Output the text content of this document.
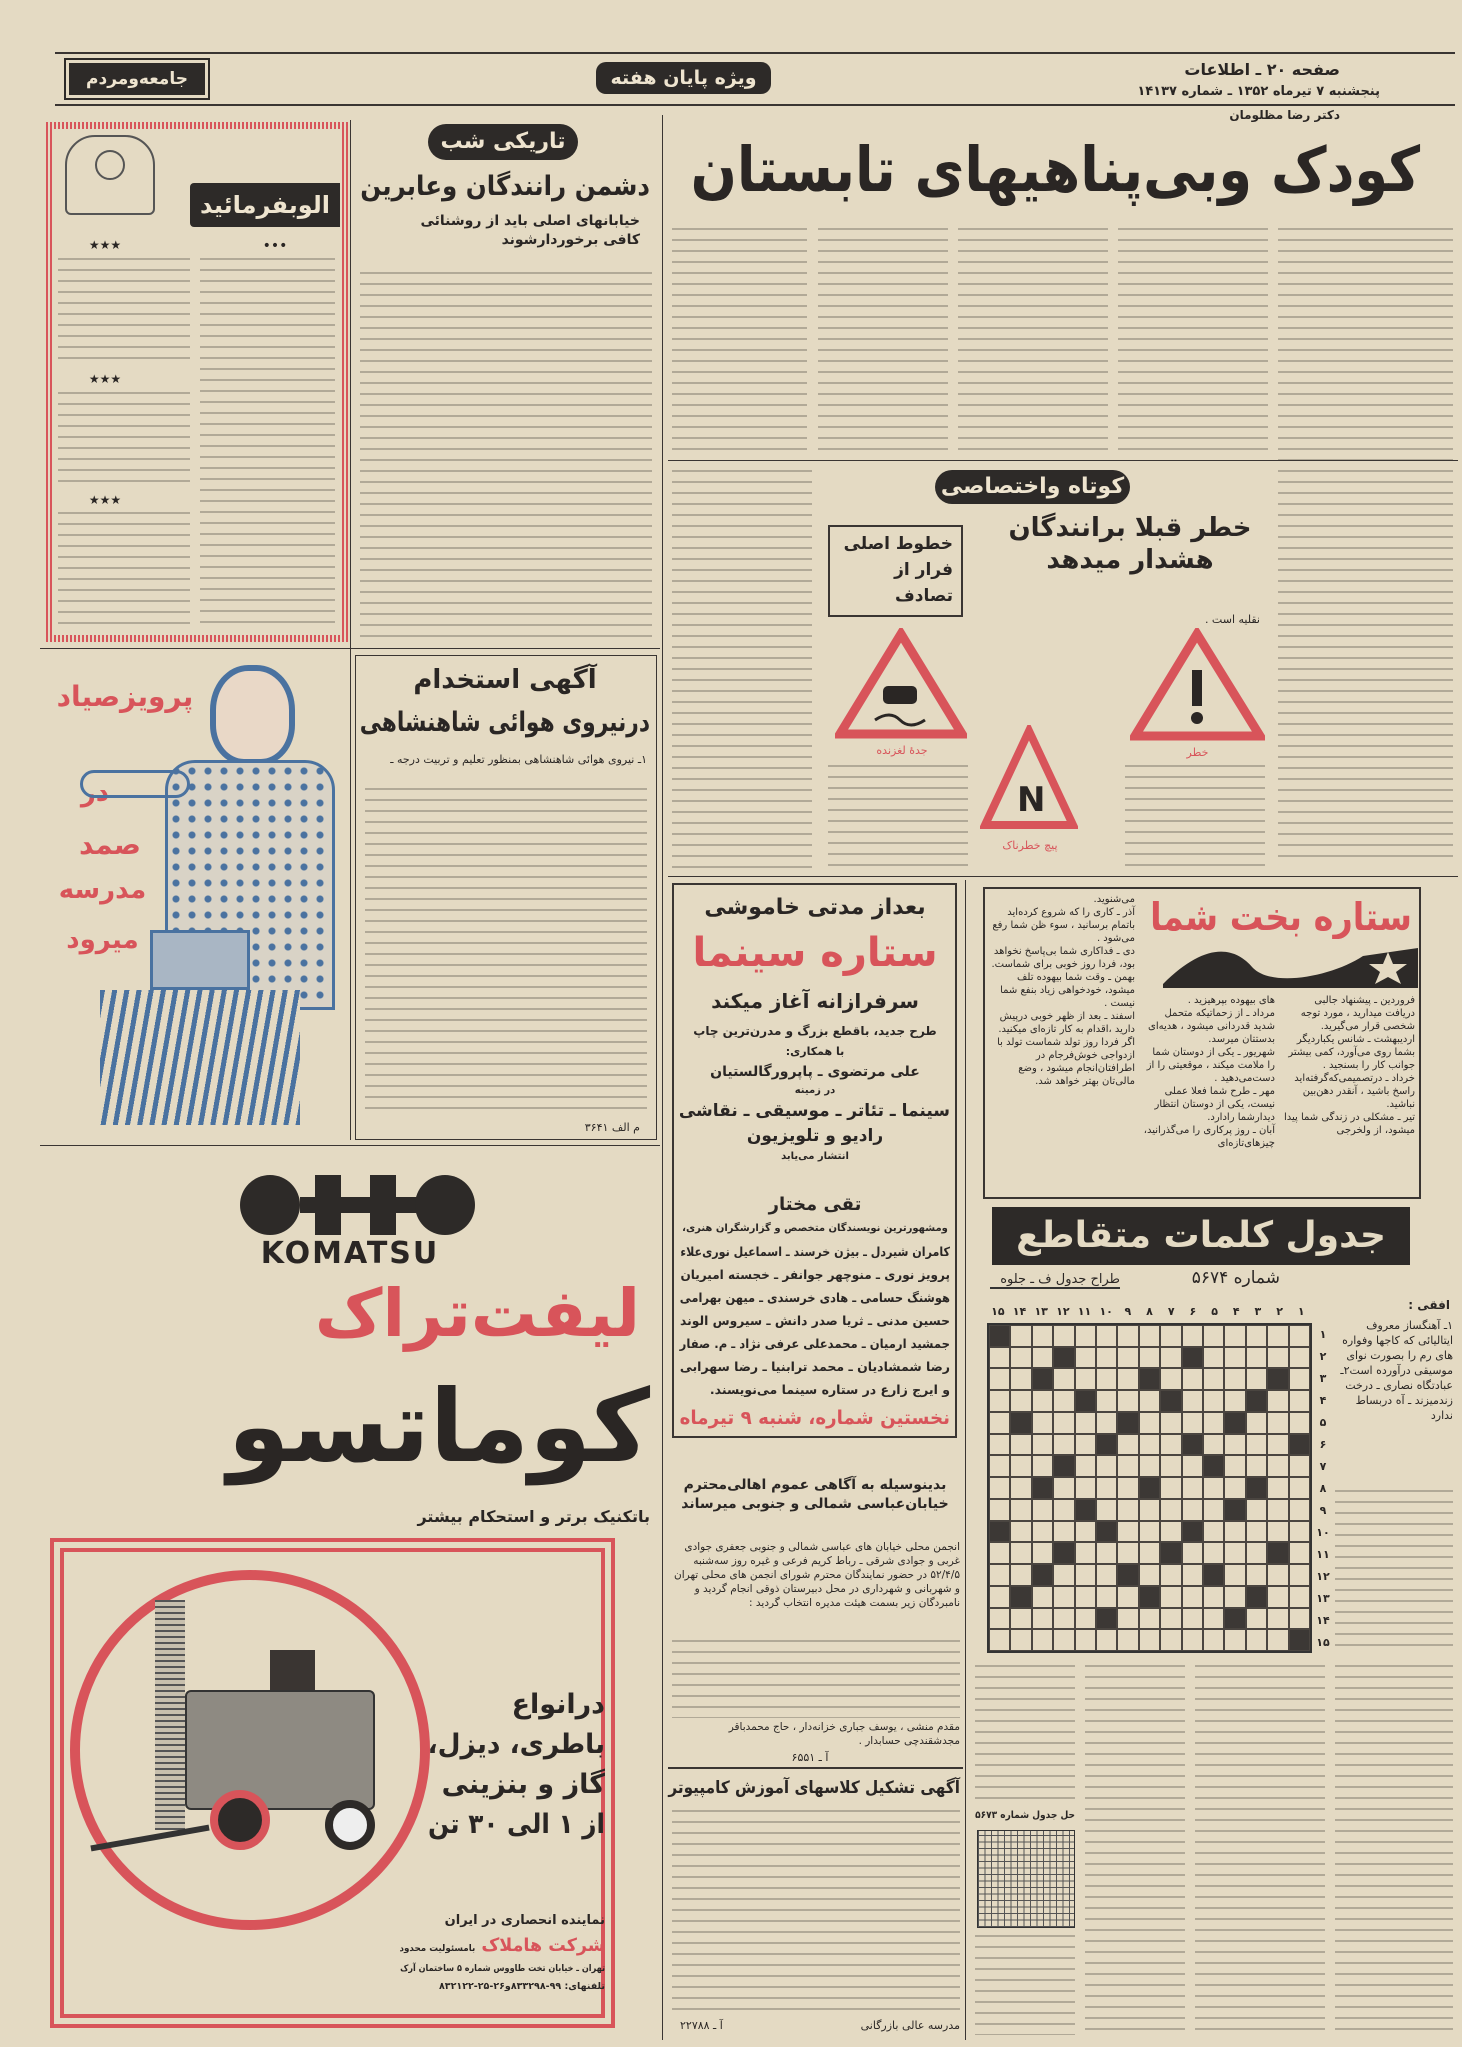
صفحه ۲۰ ـ اطلاعات
پنجشنبه ۷ تیرماه ۱۳۵۲ ـ شماره ۱۴۱۳۷
ویژه پایان هفته
جامعه‌ومردم
دکتر رضا مظلومان
کودک وبی‌پناهیهای تابستان
الوبفرمائید
•••
★★★
★★★
★★★
تاریکی شب
دشمن رانندگان وعابرین
خیابانهای اصلی باید از روشنائی کافی برخوردارشوند
کوتاه واختصاصی
خطر قبلا برانندگان هشدار میدهد
خطوط اصلی فرار از تصادف
نقلیه است .
خطر
جدۀ لغزنده
N
پیچ خطرناک
آگهی استخدام
درنیروی هوائی شاهنشاهی
۱ـ نیروی هوائی شاهنشاهی بمنظور تعلیم و تربیت درجه ـ
م الف ۳۶۴۱
پرویزصیاد
در
صمد
مدرسه
میرود
ستاره بخت شما

فروردین ـ پیشنهاد جالبی دریافت میدارید ، مورد توجه شخصی قرار می‌گیرید.

اردیبهشت ـ شانس یکباردیگر بشما روی می‌آورد، کمی بیشتر جوانب کار را بسنجید .

خرداد ـ درتصمیمی‌که‌گرفته‌اید راسخ باشید ، آنقدر دهن‌بین نباشید.

تیر ـ مشکلی در زندگی شما پیدا میشود، از ولخرجی

های بیهوده بپرهیزید .

مرداد ـ از زحماتیکه متحمل شدید قدردانی میشود ، هدیه‌ای بدستتان میرسد.

شهریور ـ یکی از دوستان شما را ملامت میکند ، موقعیتی را از دست‌می‌دهید .

مهر ـ طرح شما فعلا عملی نیست، یکی از دوستان انتظار دیدارشما رادارد.

آبان ـ روز پرکاری را می‌گذرانید، چیزهای‌تازه‌ای

می‌شنوید.

آذر ـ کاری را که شروع کرده‌اید باتمام برسانید ، سوء ظن شما رفع می‌شود .

دی ـ فداکاری شما بی‌پاسخ نخواهد بود، فردا روز خوبی برای شماست.

بهمن ـ وقت شما بیهوده تلف میشود، خودخواهی زیاد بنفع شما نیست .

اسفند ـ بعد از ظهر خوبی درپیش دارید ،اقدام به کار تازه‌ای میکنید.

اگر فردا روز تولد شماست تولد با ازدواجی خوش‌فرجام در اطرافتان‌انجام میشود ، وضع مالی‌تان بهتر خواهد شد.

بعداز مدتی خاموشی
ستاره سینما
سرفرازانه آغاز میکند
طرح جدید، باقطع بزرگ و مدرن‌ترین چاپ
با همکاری:
علی مرتضوی ـ پاپرورگالستیان
در زمینه
سینما ـ تئاتر ـ موسیقی ـ نقاشی
رادیو و تلویزیون
انتشار می‌یابد
تقی مختار
ومشهورترین نویسندگان متخصص و گزارشگران هنری،
کامران شیردل ـ بیژن خرسند ـ اسماعیل نوری‌علاء
پرویز نوری ـ منوچهر جوانفر ـ خجسته امیریان
هوشنگ حسامی ـ هادی خرسندی ـ میهن بهرامی
حسین مدنی ـ ثریا صدر دانش ـ سیروس الوند
جمشید ارمیان ـ محمدعلی عرفی نژاد ـ م. صفار
رضا شمشادیان ـ محمد ترابنیا ـ رضا سهرابی
و ایرج زارع در ستاره سینما می‌نویسند.
نخستین شماره، شنبه ۹ تیرماه
جدول کلمات متقاطع
طراح جدول ف ـ جلوه	شماره ۵۶۷۴
افقی :
۱۵ ۱۴ ۱۳ ۱۲ ۱۱ ۱۰	۹	۸	۷	۶	۵	۴	۳	۲	۱
۱
۲
۳
۴
۵
۶
۷
۸
۹
۱۰
۱۱
۱۲
۱۳
۱۴
۱۵
۱ـ آهنگساز معروف ایتالیائی که کاجها وفواره های رم را بصورت نوای موسیقی درآورده است۲ـ عبادتگاه نصاری ـ درخت زندمیزند ـ آه دربساط ندارد
حل جدول شماره ۵۶۷۳
بدینوسیله به آگاهی عموم اهالی‌محترم خیابان‌عباسی شمالی و جنوبی میرساند
انجمن محلی خیابان های عباسی شمالی و جنوبی جعفری جوادی غربی و جوادی شرقی ـ رباط کریم فرعی و غیره روز سه‌شنبه ۵۲/۴/۵ در حضور نمایندگان محترم شورای انجمن های محلی تهران و شهربانی و شهرداری در محل دبیرستان ذوقی انجام گردید و نامبردگان زیر بسمت هیئت مدیره انتخاب گردید :
مقدم منشی ، یوسف جباری خزانه‌دار ، حاج محمدباقر مجدشقندچی حسابدار .
آ ـ ۶۵۵۱
آگهی تشکیل کلاسهای آموزش کامپیوتر
مدرسه عالی بازرگانی
آ ـ ۲۲۷۸۸
KOMATSU
لیفت‌تراک
کوماتسو
باتکنیک برتر و استحکام بیشتر
درانواع
باطری، دیزل،
گاز و بنزینی
از ۱ الی ۳۰ تن
نماینده انحصاری در ایران
شرکت هاملاک بامسئولیت محدود
تهران ـ خیابان تخت طاووس شماره ۵ ساختمان آرک
تلفنهای: ۹۹-۸۳۳۲۹۸و۲۶-۲۵-۸۳۲۱۲۲
